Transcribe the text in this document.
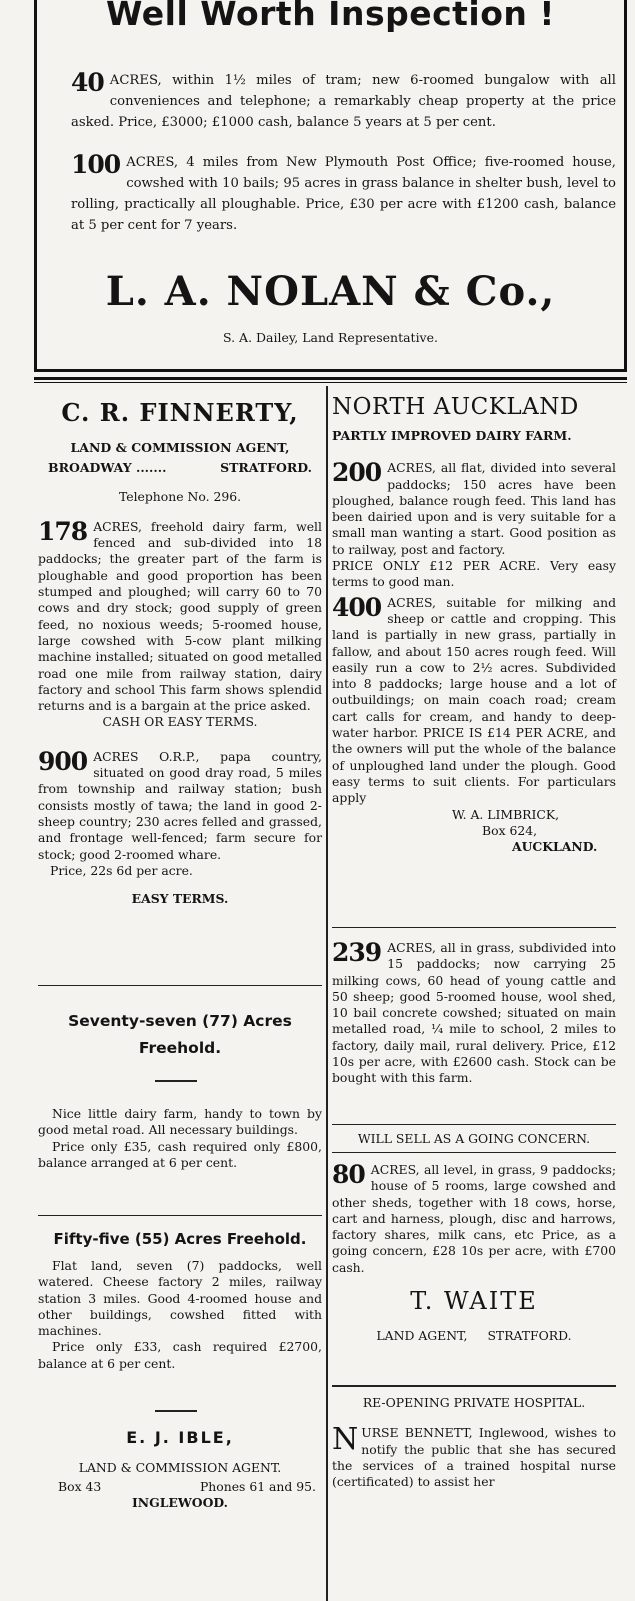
Well Worth Inspection !
40 ACRES, within 1½ miles of tram; new 6-roomed bungalow with all conveniences and telephone; a remarkably cheap property at the price asked. Price, £3000; £1000 cash, balance 5 years at 5 per cent.
100 ACRES, 4 miles from New Plymouth Post Office; five-roomed house, cowshed with 10 bails; 95 acres in grass balance in shelter bush, level to rolling, practically all ploughable. Price, £30 per acre with £1200 cash, balance at 5 per cent for 7 years.
L. A. NOLAN & Co.,
S. A. Dailey, Land Representative.
C. R. FINNERTY,
LAND & COMMISSION AGENT,
BROADWAY .......	STRATFORD.
Telephone No. 296.

178 ACRES, freehold dairy farm, well fenced and sub-divided into 18 paddocks; the greater part of the farm is ploughable and good proportion has been stumped and ploughed; will carry 60 to 70 cows and dry stock; good supply of green feed, no noxious weeds; 5-roomed house, large cowshed with 5-cow plant milking machine installed; situated on good metalled road one mile from railway station, dairy factory and school This farm shows splendid returns and is a bargain at the price asked.

CASH OR EASY TERMS.

900 ACRES O.R.P., papa country, situated on good dray road, 5 miles from township and railway station; bush consists mostly of tawa; the land in good 2-sheep country; 230 acres felled and grassed, and frontage well-fenced; farm secure for stock; good 2-roomed whare.

Price, 22s 6d per acre.

EASY TERMS.
Seventy-seven (77) Acres
Freehold.

Nice little dairy farm, handy to town by good metal road. All necessary buildings.

Price only £35, cash required only £800, balance arranged at 6 per cent.

Fifty-five (55) Acres Freehold.

Flat land, seven (7) paddocks, well watered. Cheese factory 2 miles, railway station 3 miles. Good 4-roomed house and other buildings, cowshed fitted with machines.

Price only £33, cash required £2700, balance at 6 per cent.

E. J. IBLE,
LAND & COMMISSION AGENT.
Box 43	Phones 61 and 95.
INGLEWOOD.
NORTH AUCKLAND
PARTLY IMPROVED DAIRY FARM.

200 ACRES, all flat, divided into several paddocks; 150 acres have been ploughed, balance rough feed. This land has been dairied upon and is very suitable for a small man wanting a start. Good position as to railway, post and factory.

PRICE ONLY £12 PER ACRE. Very easy terms to good man.

400 ACRES, suitable for milking and sheep or cattle and cropping. This land is partially in new grass, partially in fallow, and about 150 acres rough feed. Will easily run a cow to 2½ acres. Subdivided into 8 paddocks; large house and a lot of outbuildings; on main coach road; cream cart calls for cream, and handy to deep-water harbor. PRICE IS £14 PER ACRE, and the owners will put the whole of the balance of unploughed land under the plough. Good easy terms to suit clients. For particulars apply

W. A. LIMBRICK,
Box 624,
AUCKLAND.

239 ACRES, all in grass, subdivided into 15 paddocks; now carrying 25 milking cows, 60 head of young cattle and 50 sheep; good 5-roomed house, wool shed, 10 bail concrete cowshed; situated on main metalled road, ¼ mile to school, 2 miles to factory, daily mail, rural delivery. Price, £12 10s per acre, with £2600 cash. Stock can be bought with this farm.

WILL SELL AS A GOING CONCERN.

80 ACRES, all level, in grass, 9 paddocks; house of 5 rooms, large cowshed and other sheds, together with 18 cows, horse, cart and harness, plough, disc and harrows, factory shares, milk cans, etc Price, as a going concern, £28 10s per acre, with £700 cash.

T. WAITE
LAND AGENT, STRATFORD.
RE-OPENING PRIVATE HOSPITAL.

NURSE BENNETT, Inglewood, wishes to notify the public that she has secured the services of a trained hospital nurse (certificated) to assist her
